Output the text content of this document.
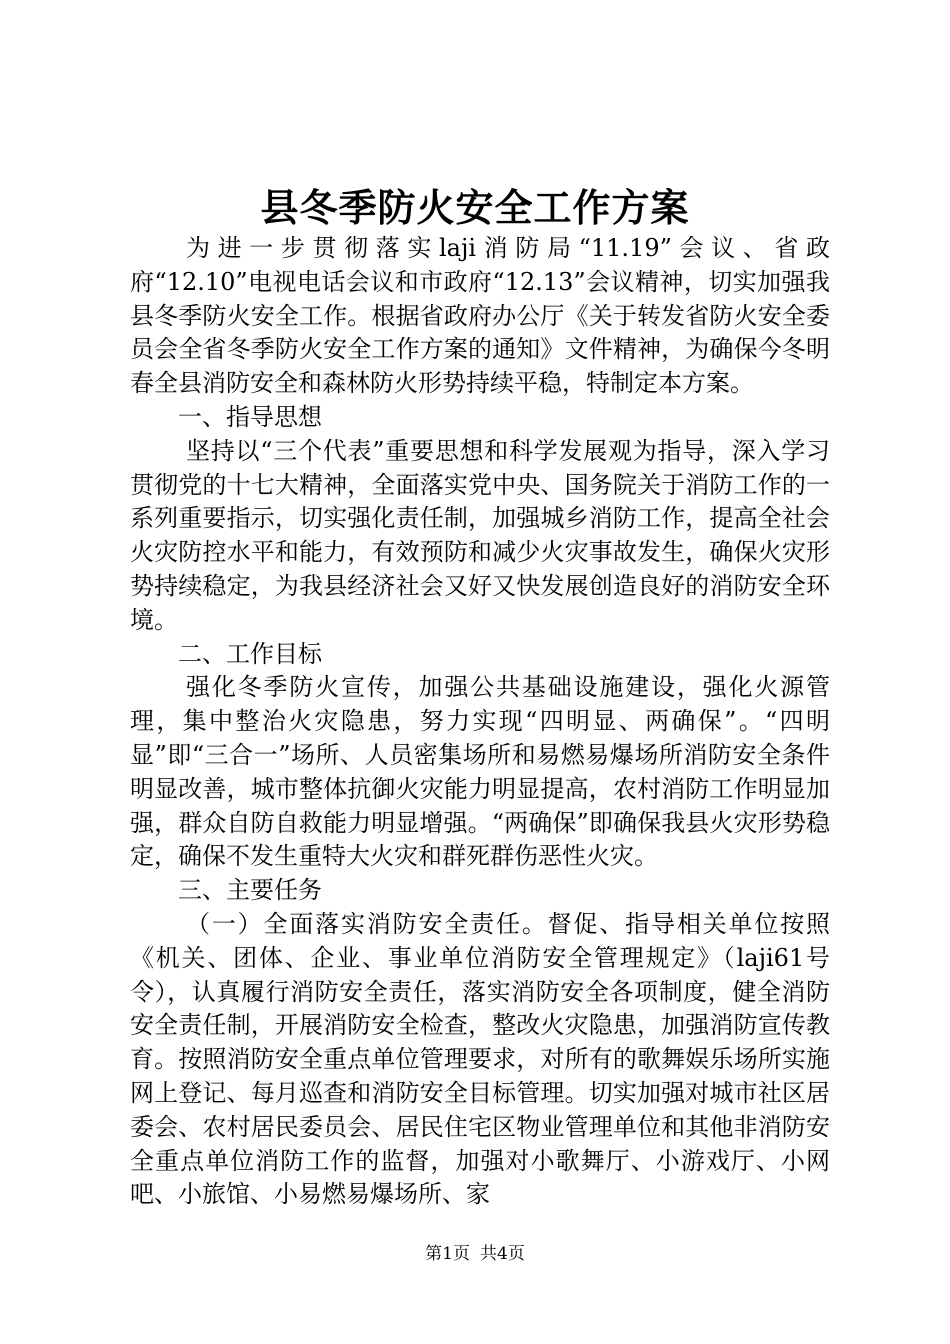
县冬季防火安全工作方案

为进一步贯彻落实laji消防局“11.19”会议、省政府“12.10”电视电话会议和市政府“12.13”会议精神，切实加强我县冬季防火安全工作。根据省政府办公厅《关于转发省防火安全委员会全省冬季防火安全工作方案的通知》文件精神，为确保今冬明春全县消防安全和森林防火形势持续平稳，特制定本方案。

一、指导思想

坚持以“三个代表”重要思想和科学发展观为指导，深入学习贯彻党的十七大精神，全面落实党中央、国务院关于消防工作的一系列重要指示，切实强化责任制，加强城乡消防工作，提高全社会火灾防控水平和能力，有效预防和减少火灾事故发生，确保火灾形势持续稳定，为我县经济社会又好又快发展创造良好的消防安全环境。

二、工作目标

强化冬季防火宣传，加强公共基础设施建设，强化火源管理，集中整治火灾隐患，努力实现“四明显、两确保”。“四明显”即“三合一”场所、人员密集场所和易燃易爆场所消防安全条件明显改善，城市整体抗御火灾能力明显提高，农村消防工作明显加强，群众自防自救能力明显增强。“两确保”即确保我县火灾形势稳定，确保不发生重特大火灾和群死群伤恶性火灾。

三、主要任务

（一）全面落实消防安全责任。督促、指导相关单位按照《机关、团体、企业、事业单位消防安全管理规定》（laji61号令），认真履行消防安全责任，落实消防安全各项制度，健全消防安全责任制，开展消防安全检查，整改火灾隐患，加强消防宣传教育。按照消防安全重点单位管理要求，对所有的歌舞娱乐场所实施网上登记、每月巡查和消防安全目标管理。切实加强对城市社区居委会、农村居民委员会、居民住宅区物业管理单位和其他非消防安全重点单位消防工作的监督，加强对小歌舞厅、小游戏厅、小网吧、小旅馆、小易燃易爆场所、家

第1页 共4页
